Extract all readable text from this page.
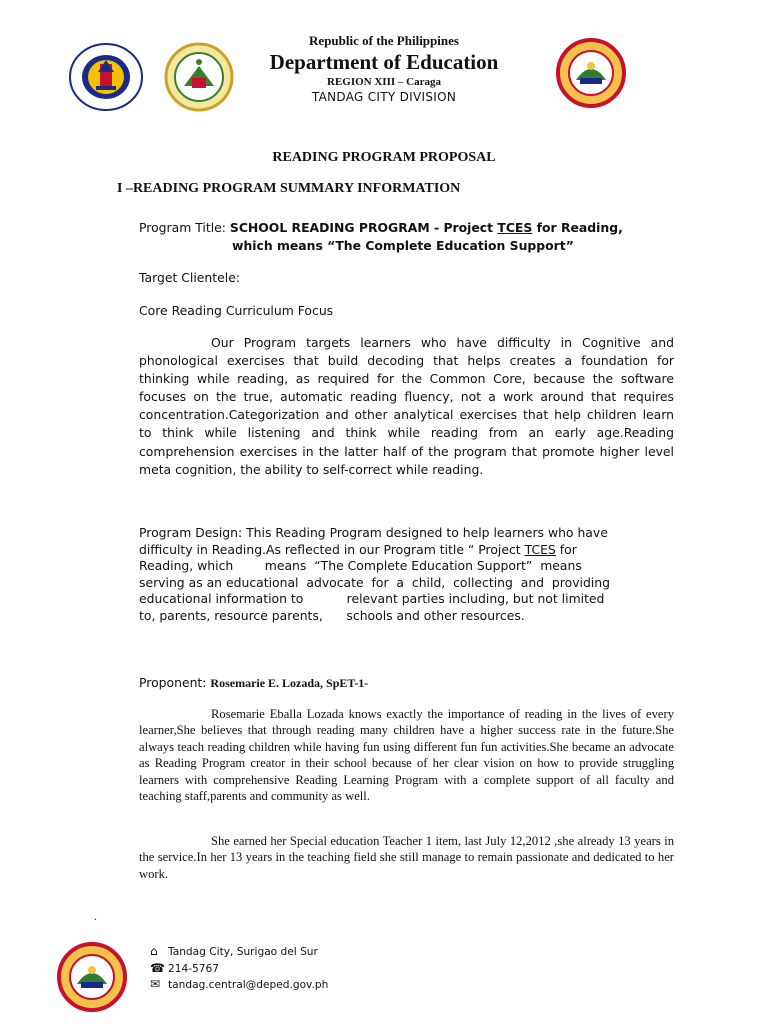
Republic of the Philippines
Department of Education
REGION XIII – Caraga
TANDAG CITY DIVISION
READING PROGRAM PROPOSAL
I –READING PROGRAM SUMMARY INFORMATION
Program Title: SCHOOL READING PROGRAM - Project TCES for Reading,
which means “The Complete Education Support”
Target Clientele:
Core Reading Curriculum Focus
Our Program targets learners who have difficulty in Cognitive and phonological exercises that build decoding that helps creates a foundation for thinking while reading, as required for the Common Core, because the software focuses on the true, automatic reading fluency, not a work around that requires concentration.Categorization and other analytical exercises that help children learn to think while listening and think while reading from an early age.Reading comprehension exercises in the latter half of the program that promote higher level meta cognition, the ability to self-correct while reading.
Program Design: This Reading Program designed to help learners who have
difficulty in Reading.As reflected in our Program title “ Project TCES for
Reading, which        means  “The Complete Education Support”  means
serving as an educational  advocate  for  a  child,  collecting  and  providing
educational information to           relevant parties including, but not limited
to, parents, resource parents,      schools and other resources.
Proponent: Rosemarie E. Lozada, SpET-1-
Rosemarie Eballa Lozada knows exactly the importance of reading in the lives of every learner,She believes that through reading many children have a higher success rate in the future.She always teach reading children while having fun using different fun fun activities.She became an advocate as Reading Program creator in their school because of her clear vision on how to provide struggling learners with comprehensive Reading Learning Program with a complete support of all faculty and teaching staff,parents and community as well.
She earned her Special education Teacher 1 item, last July 12,2012 ,she already 13 years in the service.In her 13 years in the teaching field she still manage to remain passionate and dedicated to her work.
.
⌂ Tandag City, Surigao del Sur
☎ 214-5767
✉ tandag.central@deped.gov.ph
